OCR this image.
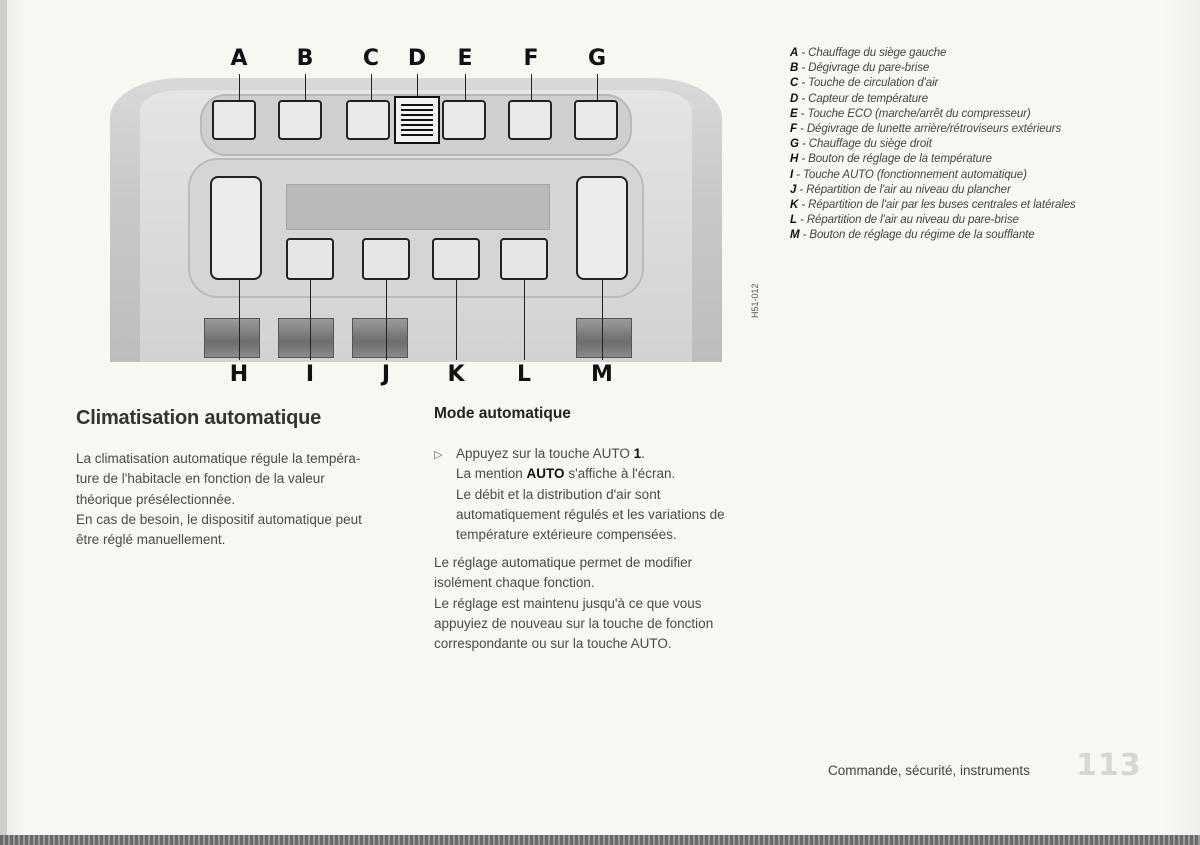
A	B	C	D	E	F	G
H	I	J	K	L	M
H51-012
A - Chauffage du siège gauche
B - Dégivrage du pare-brise
C - Touche de circulation d'air
D - Capteur de température
E - Touche ECO (marche/arrêt du compresseur)
F - Dégivrage de lunette arrière/rétroviseurs extérieurs
G - Chauffage du siège droit
H - Bouton de réglage de la température
I - Touche AUTO (fonctionnement automatique)
J - Répartition de l'air au niveau du plancher
K - Répartition de l'air par les buses centrales et latérales
L - Répartition de l'air au niveau du pare-brise
M - Bouton de réglage du régime de la soufflante
Climatisation automatique
La climatisation automatique régule la tempéra-
ture de l'habitacle en fonction de la valeur
théorique présélectionnée.
En cas de besoin, le dispositif automatique peut
être réglé manuellement.
Mode automatique
▷ Appuyez sur la touche AUTO 1.
La mention AUTO s'affiche à l'écran.
Le débit et la distribution d'air sont
automatiquement régulés et les variations de
température extérieure compensées.
Le réglage automatique permet de modifier
isolément chaque fonction.
Le réglage est maintenu jusqu'à ce que vous
appuyiez de nouveau sur la touche de fonction
correspondante ou sur la touche AUTO.
Commande, sécurité, instruments 113
